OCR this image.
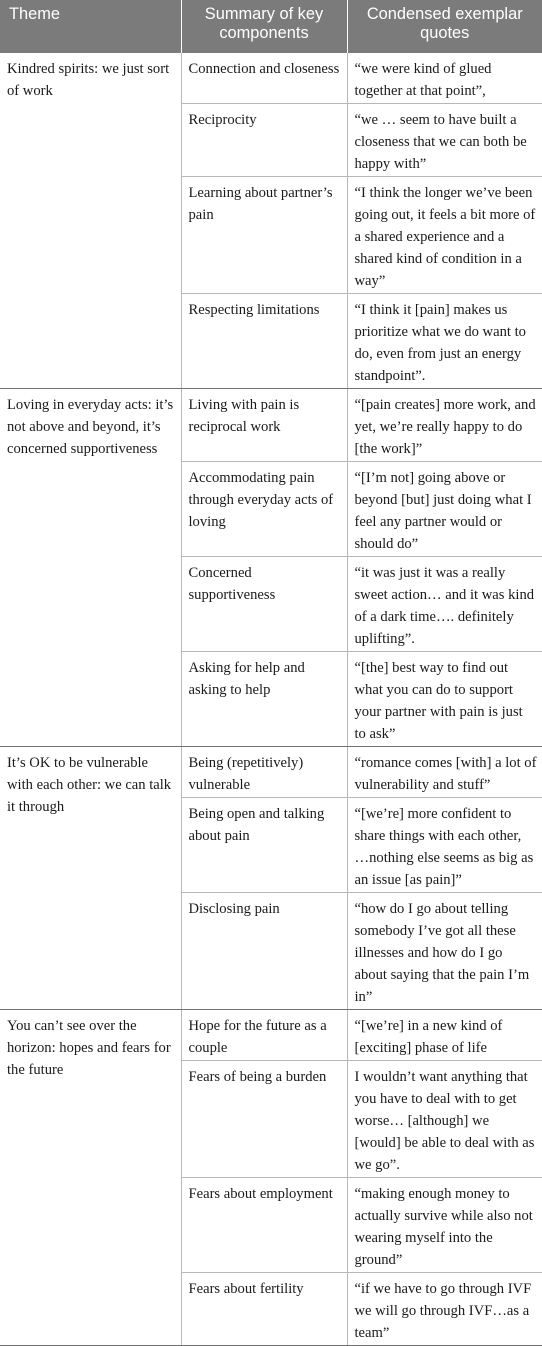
Theme	Summary of key components	Condensed exemplar quotes
Kindred spirits: we just sort of work	Connection and closeness	“we were kind of glued together at that point”,
	Reciprocity	“we … seem to have built a closeness that we can both be happy with”
	Learning about partner’s pain	“I think the longer we’ve been going out, it feels a bit more of a shared experience and a shared kind of condition in a way”
	Respecting limitations	“I think it [pain] makes us prioritize what we do want to do, even from just an energy standpoint”.
Loving in everyday acts: it’s not above and beyond, it’s concerned supportiveness	Living with pain is reciprocal work	“[pain creates] more work, and yet, we’re really happy to do [the work]”
	Accommodating pain through everyday acts of loving	“[I’m not] going above or beyond [but] just doing what I feel any partner would or should do”
	Concerned supportiveness	“it was just it was a really sweet action… and it was kind of a dark time…. definitely uplifting”.
	Asking for help and asking to help	“[the] best way to find out what you can do to support your partner with pain is just to ask”
It’s OK to be vulnerable with each other: we can talk it through	Being (repetitively) vulnerable	“romance comes [with] a lot of vulnerability and stuff”
	Being open and talking about pain	“[we’re] more confident to share things with each other, …nothing else seems as big as an issue [as pain]”
	Disclosing pain	“how do I go about telling somebody I’ve got all these illnesses and how do I go about saying that the pain I’m in”
You can’t see over the horizon: hopes and fears for the future	Hope for the future as a couple	“[we’re] in a new kind of [exciting] phase of life
	Fears of being a burden	I wouldn’t want anything that you have to deal with to get worse… [although] we [would] be able to deal with as we go”.
	Fears about employment	“making enough money to actually survive while also not wearing myself into the ground”
	Fears about fertility	“if we have to go through IVF we will go through IVF…as a team”
